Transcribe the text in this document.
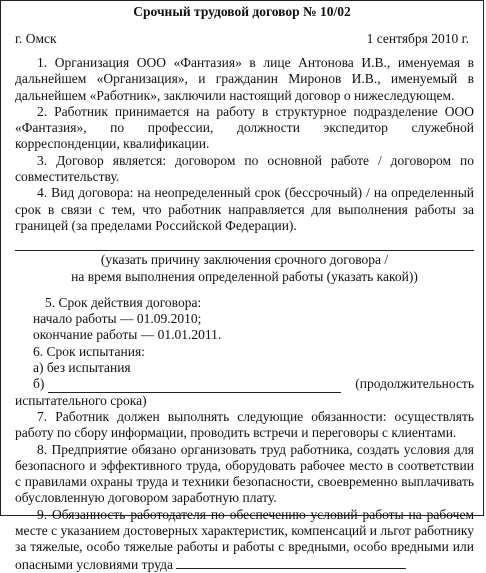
Срочный трудовой договор № 10/02
г. Омск	1 сентября 2010 г.

1. Организация ООО «Фантазия» в лице Антонова И.В., именуемая в дальнейшем «Организация», и гражданин Миронов И.В., именуемый в дальнейшем «Работник», заключили настоящий договор о нижеследующем.

2. Работник принимается на работу в структурное подразделение ООО «Фантазия», по профессии, должности экспедитор служебной корреспонденции, квалификации.

3. Договор является: договором по основной работе / договором по совместительству.

4. Вид договора: на неопределенный срок (бессрочный) / на определенный срок в связи с тем, что работник направляется для выполнения работы за границей (за пределами Российской Федерации).

(указать причину заключения срочного договора /

на время выполнения определенной работы (указать какой))

5. Срок действия договора:

начало работы — 01.09.2010;

окончание работы — 01.01.2011.

6. Срок испытания:

а) без испытания

б)	(продолжительность

испытательного срока)

7. Работник должен выполнять следующие обязанности: осуществлять работу по сбору информации, проводить встречи и переговоры с клиентами.

8. Предприятие обязано организовать труд работника, создать условия для безопасного и эффективного труда, оборудовать рабочее место в соответствии с правилами охраны труда и техники безопасности, своевременно выплачивать обусловленную договором заработную плату.

9. Обязанность работодателя по обеспечению условий работы на рабочем месте с указанием достоверных характеристик, компенсаций и льгот работнику за тяжелые, особо тяжелые работы и работы с вредными, особо вредными или опасными условиями труда
